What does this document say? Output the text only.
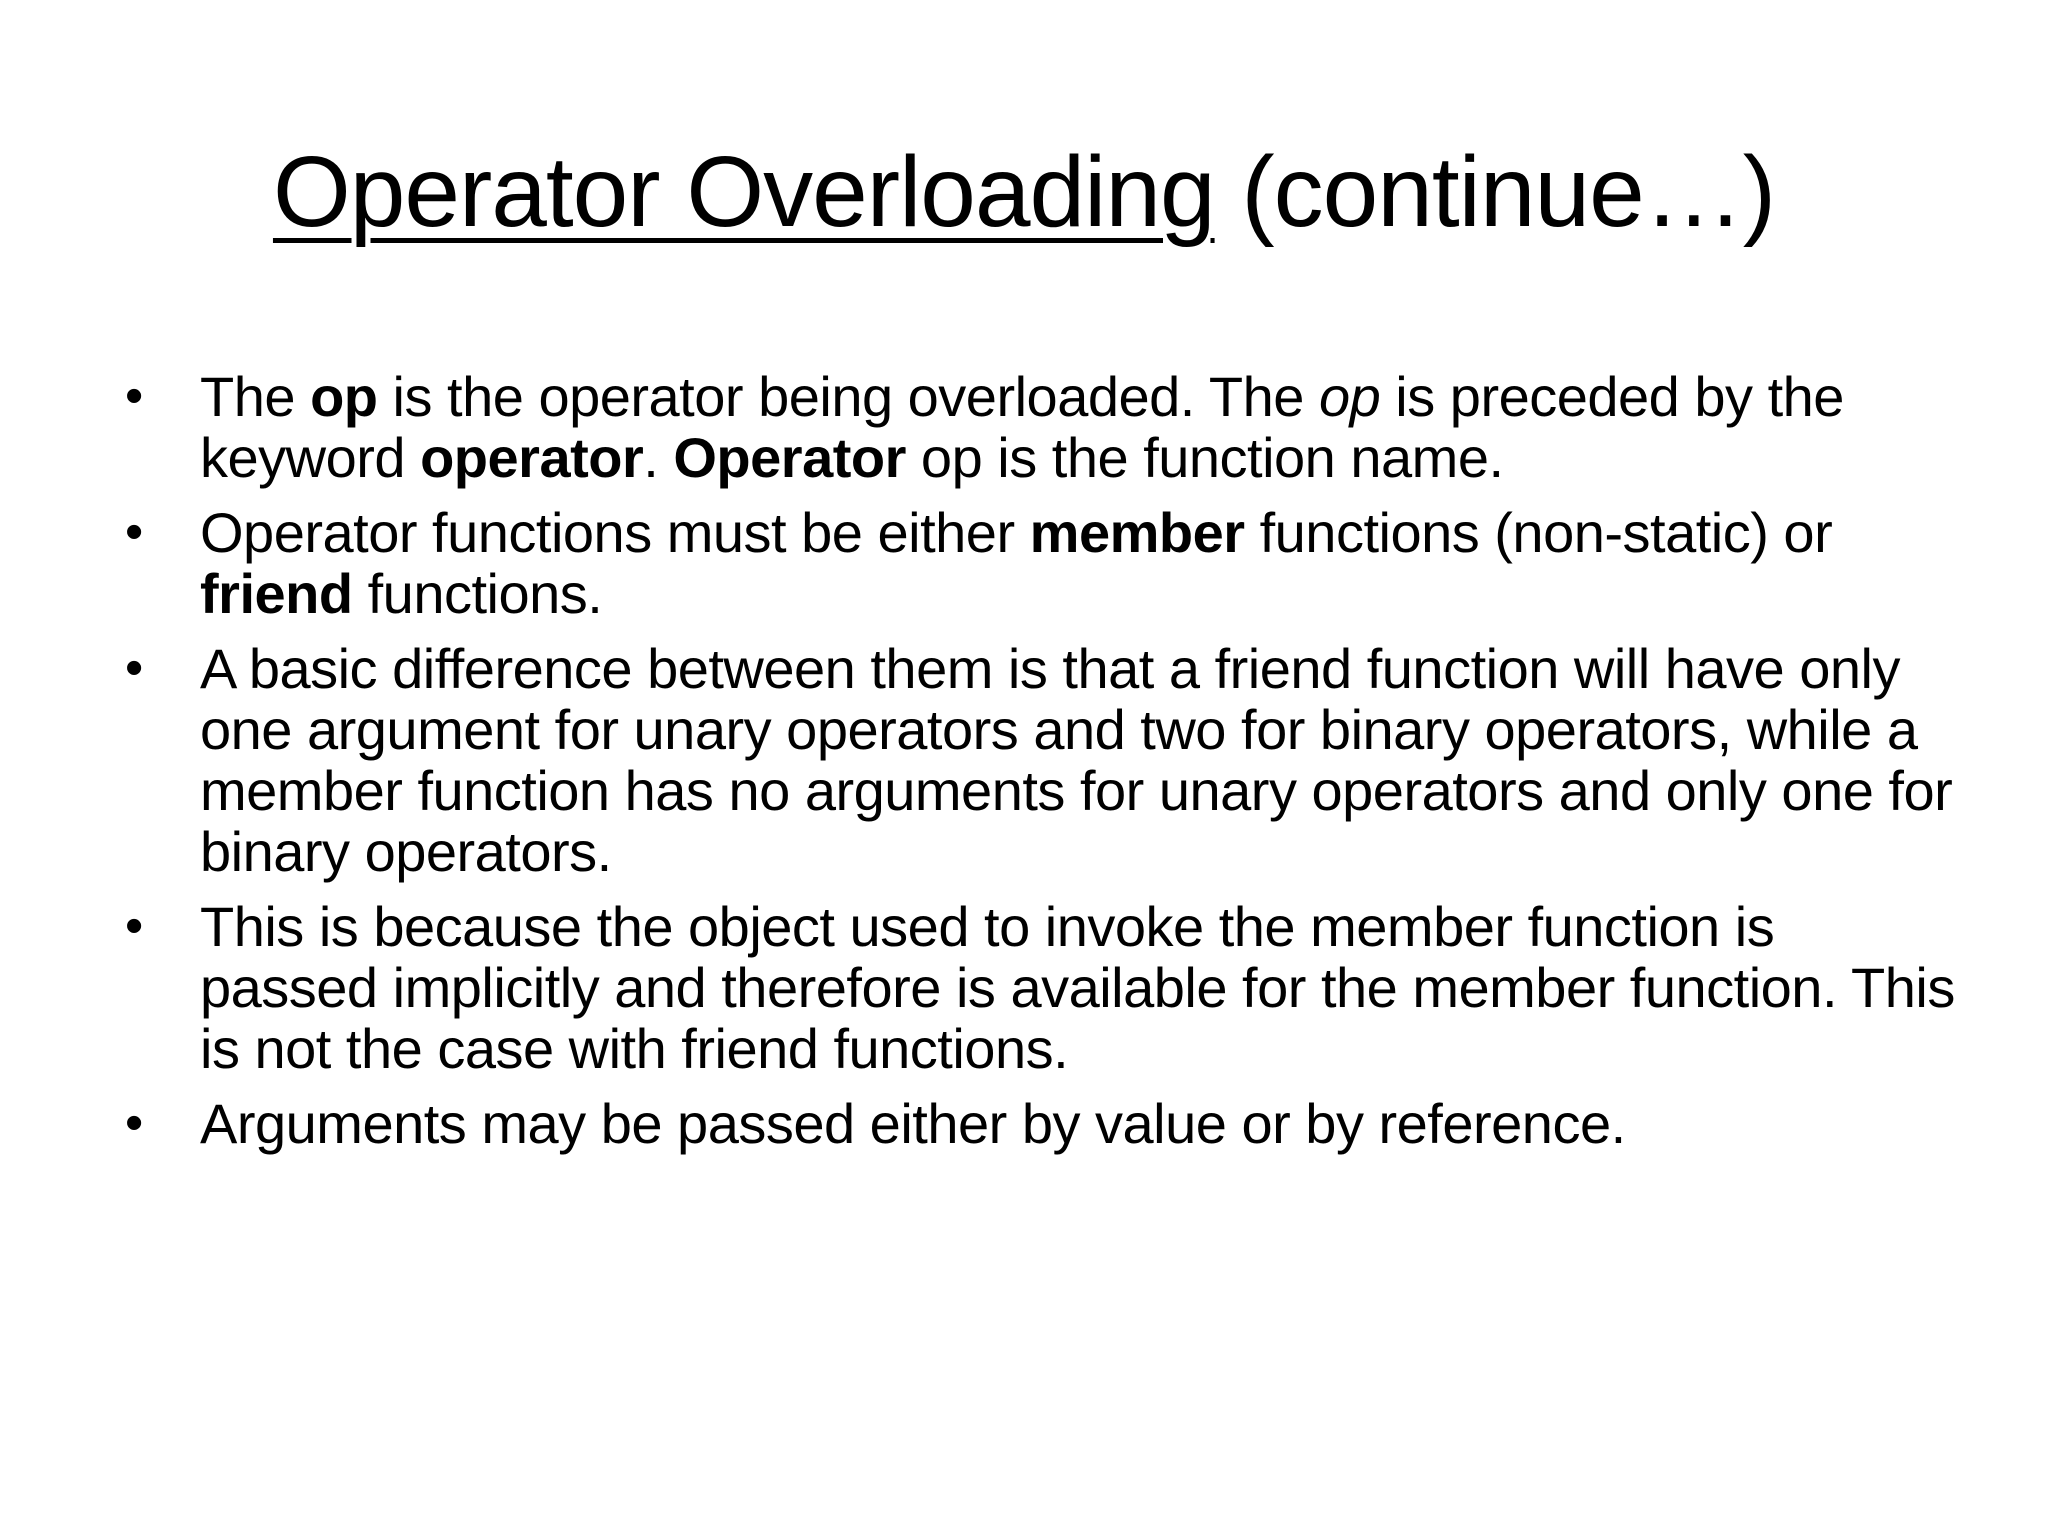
Operator Overloading (continue…)
• The op is the operator being overloaded. The op is preceded by the keyword operator. Operator op is the function name.
• Operator functions must be either member functions (non-static) or friend functions.
• A basic difference between them is that a friend function will have only one argument for unary operators and two for binary operators, while a member function has no arguments for unary operators and only one for binary operators.
• This is because the object used to invoke the member function is passed implicitly and therefore is available for the member function. This is not the case with friend functions.
• Arguments may be passed either by value or by reference.
